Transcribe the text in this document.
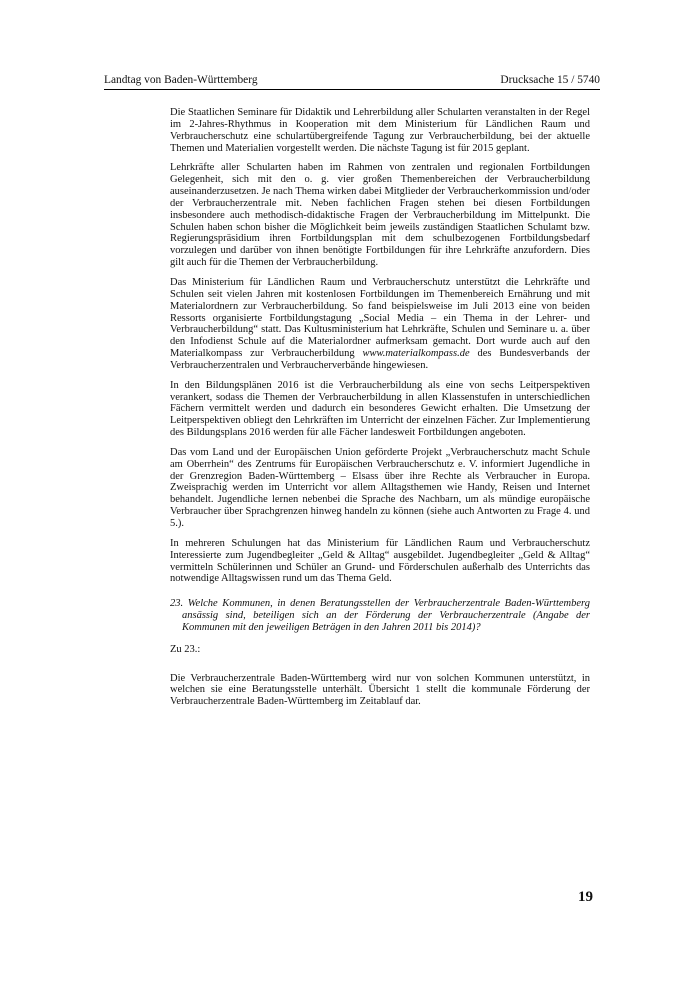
Landtag von Baden-Württemberg	Drucksache 15 / 5740

Die Staatlichen Seminare für Didaktik und Lehrerbildung aller Schularten veranstalten in der Regel im 2-Jahres-Rhythmus in Kooperation mit dem Ministerium für Ländlichen Raum und Verbraucherschutz eine schulartübergreifende Tagung zur Verbraucherbildung, bei der aktuelle Themen und Materialien vorgestellt werden. Die nächste Tagung ist für 2015 geplant.

Lehrkräfte aller Schularten haben im Rahmen von zentralen und regionalen Fortbildungen Gelegenheit, sich mit den o. g. vier großen Themenbereichen der Verbraucherbildung auseinanderzusetzen. Je nach Thema wirken dabei Mitglieder der Verbraucherkommission und/oder der Verbraucherzentrale mit. Neben fachlichen Fragen stehen bei diesen Fortbildungen insbesondere auch methodisch-didaktische Fragen der Verbraucherbildung im Mittelpunkt. Die Schulen haben schon bisher die Möglichkeit beim jeweils zuständigen Staatlichen Schulamt bzw. Regierungspräsidium ihren Fortbildungsplan mit dem schulbezogenen Fortbildungsbedarf vorzulegen und darüber von ihnen benötigte Fortbildungen für ihre Lehrkräfte anzufordern. Dies gilt auch für die Themen der Verbraucherbildung.

Das Ministerium für Ländlichen Raum und Verbraucherschutz unterstützt die Lehrkräfte und Schulen seit vielen Jahren mit kostenlosen Fortbildungen im Themenbereich Ernährung und mit Materialordnern zur Verbraucherbildung. So fand beispielsweise im Juli 2013 eine von beiden Ressorts organisierte Fortbildungstagung „Social Media – ein Thema in der Lehrer- und Verbraucherbildung“ statt. Das Kultusministerium hat Lehrkräfte, Schulen und Seminare u. a. über den Infodienst Schule auf die Materialordner aufmerksam gemacht. Dort wurde auch auf den Materialkompass zur Verbraucherbildung www.materialkompass.de des Bundesverbands der Verbraucherzentralen und Verbraucherverbände hingewiesen.

In den Bildungsplänen 2016 ist die Verbraucherbildung als eine von sechs Leitperspektiven verankert, sodass die Themen der Verbraucherbildung in allen Klassenstufen in unterschiedlichen Fächern vermittelt werden und dadurch ein besonderes Gewicht erhalten. Die Umsetzung der Leitperspektiven obliegt den Lehrkräften im Unterricht der einzelnen Fächer. Zur Implementierung des Bildungsplans 2016 werden für alle Fächer landesweit Fortbildungen angeboten.

Das vom Land und der Europäischen Union geförderte Projekt „Verbraucherschutz macht Schule am Oberrhein“ des Zentrums für Europäischen Verbraucherschutz e. V. informiert Jugendliche in der Grenzregion Baden-Württemberg – Elsass über ihre Rechte als Verbraucher in Europa. Zweisprachig werden im Unterricht vor allem Alltagsthemen wie Handy, Reisen und Internet behandelt. Jugendliche lernen nebenbei die Sprache des Nachbarn, um als mündige europäische Verbraucher über Sprachgrenzen hinweg handeln zu können (siehe auch Antworten zu Frage 4. und 5.).

In mehreren Schulungen hat das Ministerium für Ländlichen Raum und Verbraucherschutz Interessierte zum Jugendbegleiter „Geld & Alltag“ ausgebildet. Jugendbegleiter „Geld & Alltag“ vermitteln Schülerinnen und Schüler an Grund- und Förderschulen außerhalb des Unterrichts das notwendige Alltagswissen rund um das Thema Geld.

23. Welche Kommunen, in denen Beratungsstellen der Verbraucherzentrale Baden-Württemberg ansässig sind, beteiligen sich an der Förderung der Verbraucherzentrale (Angabe der Kommunen mit den jeweiligen Beträgen in den Jahren 2011 bis 2014)?

Zu 23.:

Die Verbraucherzentrale Baden-Württemberg wird nur von solchen Kommunen unterstützt, in welchen sie eine Beratungsstelle unterhält. Übersicht 1 stellt die kommunale Förderung der Verbraucherzentrale Baden-Württemberg im Zeitablauf dar.

19
